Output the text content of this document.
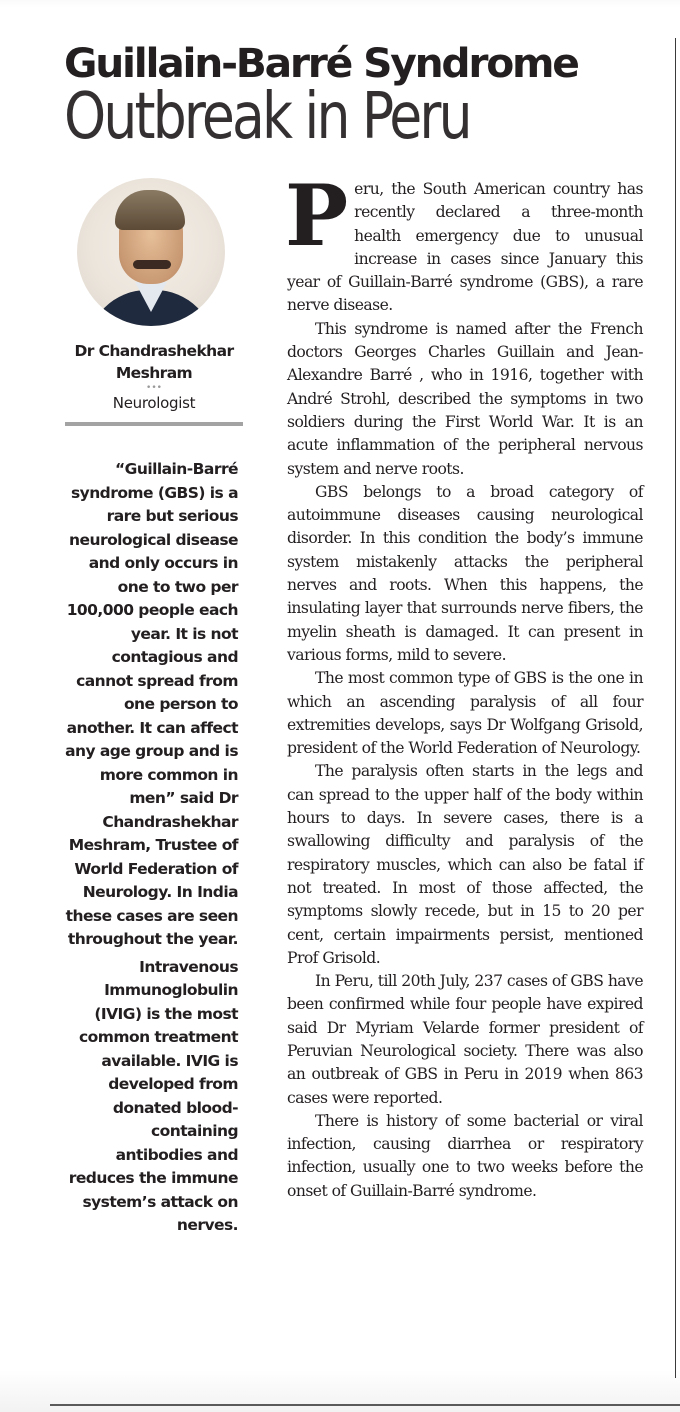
Guillain-Barré Syndrome
Outbreak in Peru
Dr Chandrashekhar Meshram
•••
Neurologist

“Guillain-Barré syndrome (GBS) is a rare but serious neurological disease and only occurs in one to two per 100,000 people each year. It is not contagious and cannot spread from one person to another. It can affect any age group and is more common in men” said Dr Chandrashekhar Meshram, Trustee of World Federation of Neurology. In India these cases are seen throughout the year.

Intravenous Immunoglobulin (IVIG) is the most common treatment available. IVIG is developed from donated blood-containing antibodies and reduces the immune system’s attack on nerves.

Peru, the South American country has recently declared a three-month health emergency due to unusual increase in cases since January this year of Guillain-Barré syndrome (GBS), a rare nerve disease.

This syndrome is named after the French doctors Georges Charles Guillain and Jean-Alexandre Barré , who in 1916, together with André Strohl, described the symptoms in two soldiers during the First World War. It is an acute inflammation of the peripheral nervous system and nerve roots.

GBS belongs to a broad category of autoimmune diseases causing neurological disorder. In this condition the body’s immune system mistakenly attacks the peripheral nerves and roots. When this happens, the insulating layer that surrounds nerve fibers, the myelin sheath is damaged. It can present in various forms, mild to severe.

The most common type of GBS is the one in which an ascending paralysis of all four extremities develops, says Dr Wolfgang Grisold, president of the World Federation of Neurology.

The paralysis often starts in the legs and can spread to the upper half of the body within hours to days. In severe cases, there is a swallowing difficulty and paralysis of the respiratory muscles, which can also be fatal if not treated. In most of those affected, the symptoms slowly recede, but in 15 to 20 per cent, certain impairments persist, mentioned Prof Grisold.

In Peru, till 20th July, 237 cases of GBS have been confirmed while four people have expired said Dr Myriam Velarde former president of Peruvian Neurological society. There was also an outbreak of GBS in Peru in 2019 when 863 cases were reported.

There is history of some bacterial or viral infection, causing diarrhea or respiratory infection, usually one to two weeks before the onset of Guillain-Barré syndrome.
